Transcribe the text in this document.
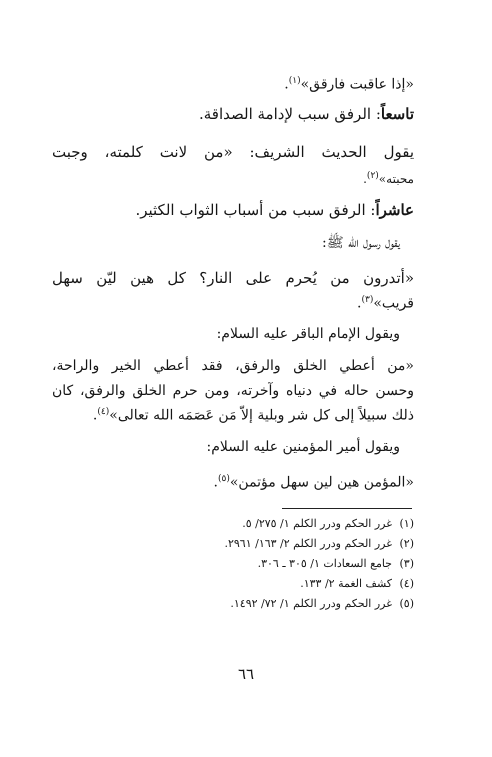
«إذا عاقبت فارقق»$^{(١)}$.
تاسعاً: الرفق سبب لإدامة الصداقة.
يقول الحديث الشريف: «من لانت كلمته، وجبت
محبته»$^{(٢)}$.
عاشراً: الرفق سبب من أسباب الثواب الكثير.
يقول رسول الله ﷺ:
«أتدرون من يُحرم على النار؟ كل هين ليّن سهل
قريب»$^{(٣)}$.
ويقول الإمام الباقر عليه السلام:
«من أعطي الخلق والرفق، فقد أعطي الخير والراحة،
وحسن حاله في دنياه وآخرته، ومن حرم الخلق والرفق، كان
ذلك سبيلاً إلى كل شر وبلية إلاّ مَن عَصَمَه الله تعالى»$^{(٤)}$.
ويقول أمير المؤمنين عليه السلام:
«المؤمن هين لين سهل مؤتمن»$^{(٥)}$.
(١)غرر الحكم ودرر الكلم ١/ ٢٧٥/ ٥.
(٢)غرر الحكم ودرر الكلم ٢/ ١٦٣/ ٢٩٦١.
(٣)جامع السعادات ١/ ٣٠٥ ـ ٣٠٦.
(٤)كشف الغمة ٢/ ١٣٣.
(٥)غرر الحكم ودرر الكلم ١/ ٧٢/ ١٤٩٢.
٦٦
